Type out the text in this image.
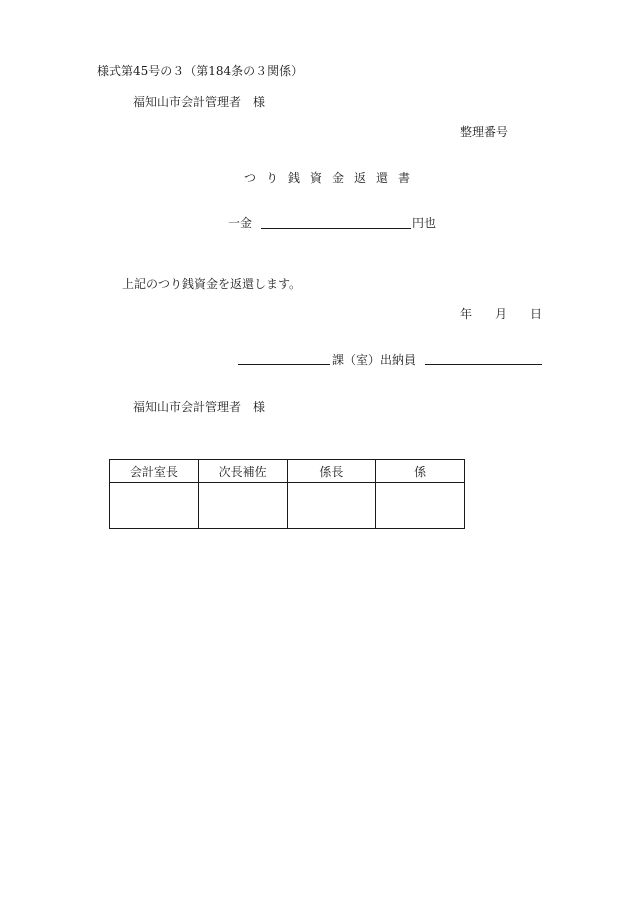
様式第45号の３（第184条の３関係）
福知山市会計管理者　様
整理番号
つり銭資金返還書
一金	円也
上記のつり銭資金を返還します。
年 月 日
課（室）出納員
福知山市会計管理者　様
会計室長	次長補佐	係長	係
